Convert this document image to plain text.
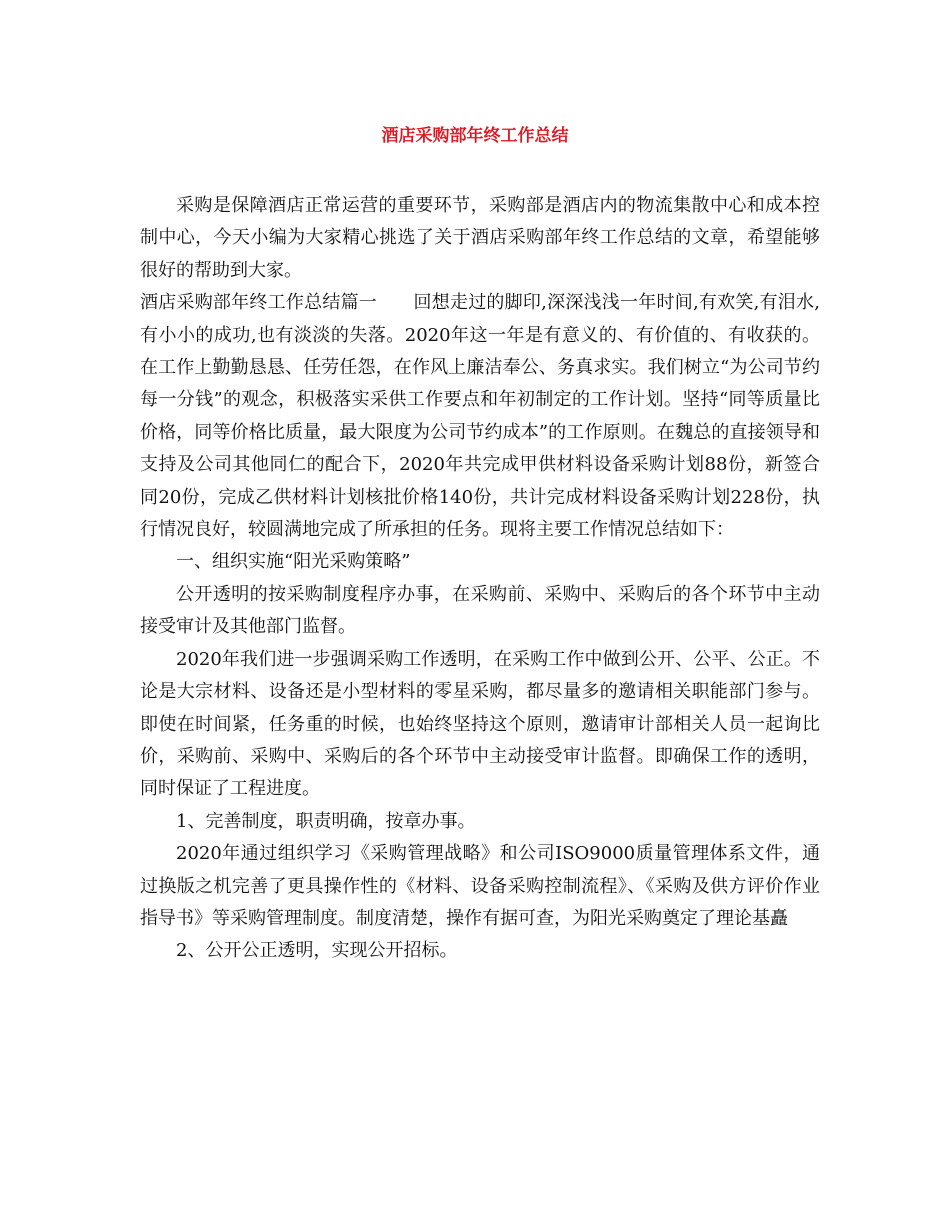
酒店采购部年终工作总结

采购是保障酒店正常运营的重要环节，采购部是酒店内的物流集散中心和成本控制中心，今天小编为大家精心挑选了关于酒店采购部年终工作总结的文章，希望能够很好的帮助到大家。

酒店采购部年终工作总结篇一　　回想走过的脚印,深深浅浅一年时间,有欢笑,有泪水,有小小的成功,也有淡淡的失落。2020年这一年是有意义的、有价值的、有收获的。在工作上勤勤恳恳、任劳任怨，在作风上廉洁奉公、务真求实。我们树立“为公司节约每一分钱”的观念，积极落实采供工作要点和年初制定的工作计划。坚持“同等质量比价格，同等价格比质量，最大限度为公司节约成本”的工作原则。在魏总的直接领导和支持及公司其他同仁的配合下，2020年共完成甲供材料设备采购计划88份，新签合同20份，完成乙供材料计划核批价格140份，共计完成材料设备采购计划228份，执行情况良好，较圆满地完成了所承担的任务。现将主要工作情况总结如下：

一、组织实施“阳光采购策略”

公开透明的按采购制度程序办事，在采购前、采购中、采购后的各个环节中主动接受审计及其他部门监督。

2020年我们进一步强调采购工作透明，在采购工作中做到公开、公平、公正。不论是大宗材料、设备还是小型材料的零星采购，都尽量多的邀请相关职能部门参与。即使在时间紧，任务重的时候，也始终坚持这个原则，邀请审计部相关人员一起询比价，采购前、采购中、采购后的各个环节中主动接受审计监督。即确保工作的透明，同时保证了工程进度。

1、完善制度，职责明确，按章办事。

2020年通过组织学习《采购管理战略》和公司ISO9000质量管理体系文件，通过换版之机完善了更具操作性的《材料、设备采购控制流程》、《采购及供方评价作业指导书》等采购管理制度。制度清楚，操作有据可查，为阳光采购奠定了理论基矗

2、公开公正透明，实现公开招标。
